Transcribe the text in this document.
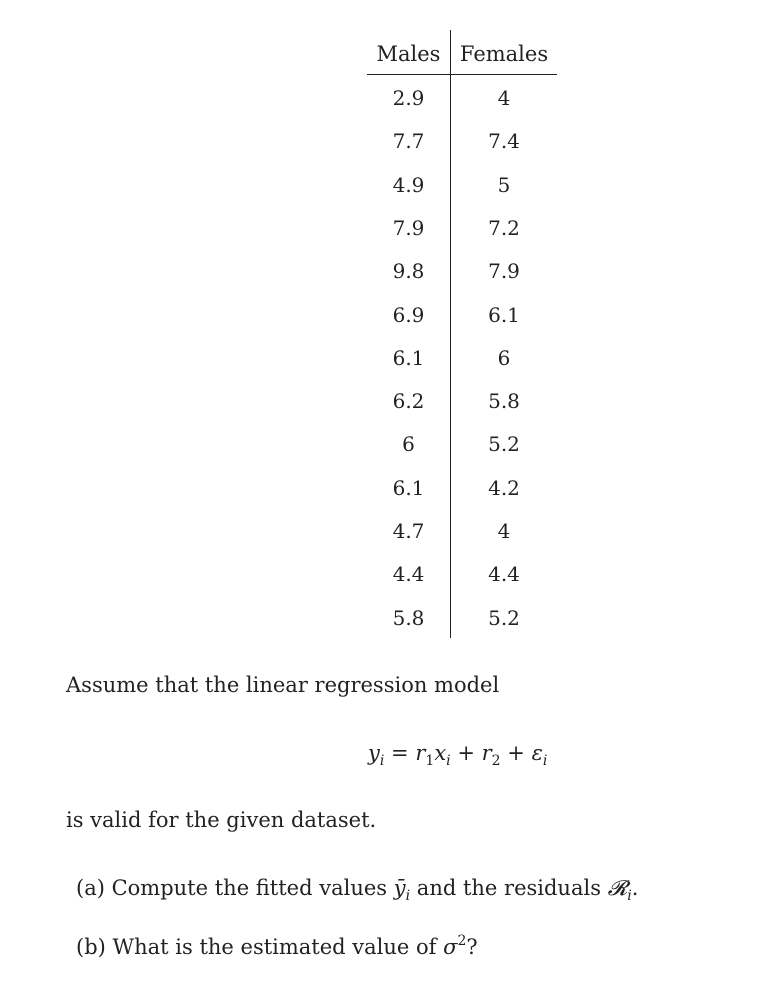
Males Females
2.9	4
7.7	7.4
4.9	5
7.9	7.2
9.8	7.9
6.9	6.1
6.1	6
6.2	5.8
6	5.2
6.1	4.2
4.7	4
4.4	4.4
5.8	5.2
Assume that the linear regression model
$y_i = r_1x_i + r_2 + \varepsilon_i$
is valid for the given dataset.
(a) Compute the fitted values $ȳ_i$ and the residuals 𝓡$_i$.
(b) What is the estimated value of $\sigma^2$?
